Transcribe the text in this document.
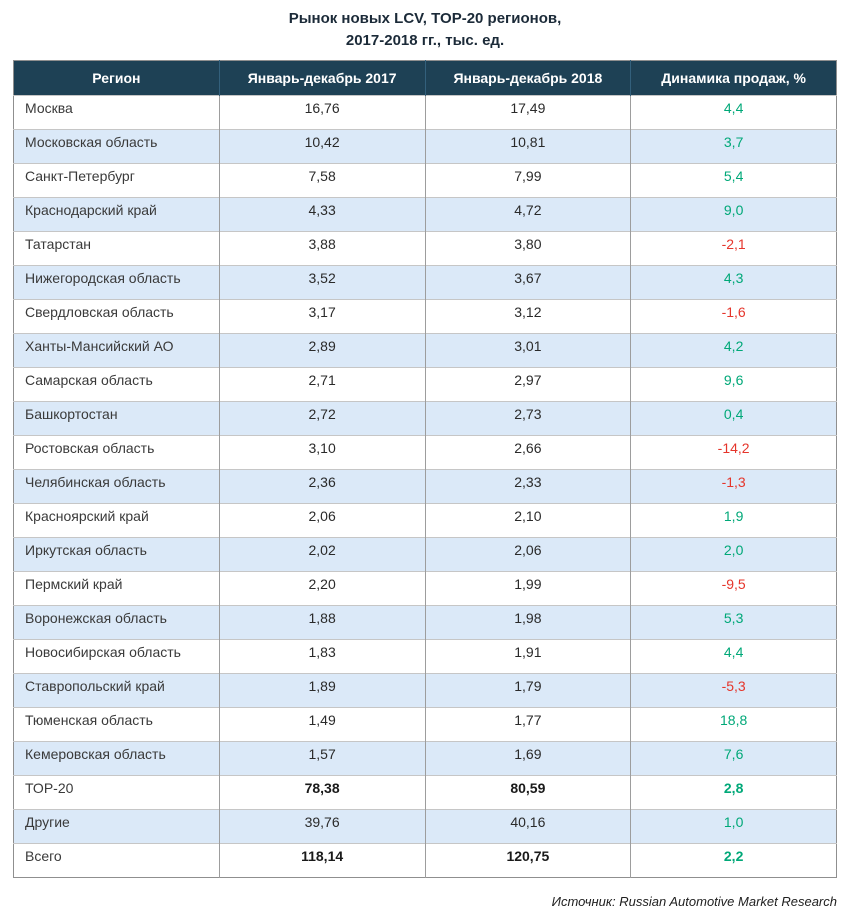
Рынок новых LCV, TOP-20 регионов,
2017-2018 гг., тыс. ед.
Регион	Январь-декабрь 2017	Январь-декабрь 2018	Динамика продаж, %
Москва	16,76	17,49	4,4
Московская область	10,42	10,81	3,7
Санкт-Петербург	7,58	7,99	5,4
Краснодарский край	4,33	4,72	9,0
Татарстан	3,88	3,80	-2,1
Нижегородская область	3,52	3,67	4,3
Свердловская область	3,17	3,12	-1,6
Ханты-Мансийский АО	2,89	3,01	4,2
Самарская область	2,71	2,97	9,6
Башкортостан	2,72	2,73	0,4
Ростовская область	3,10	2,66	-14,2
Челябинская область	2,36	2,33	-1,3
Красноярский край	2,06	2,10	1,9
Иркутская область	2,02	2,06	2,0
Пермский край	2,20	1,99	-9,5
Воронежская область	1,88	1,98	5,3
Новосибирская область	1,83	1,91	4,4
Ставропольский край	1,89	1,79	-5,3
Тюменская область	1,49	1,77	18,8
Кемеровская область	1,57	1,69	7,6
ТОР-20	78,38	80,59	2,8
Другие	39,76	40,16	1,0
Всего	118,14	120,75	2,2
Источник: Russian Automotive Market Research
